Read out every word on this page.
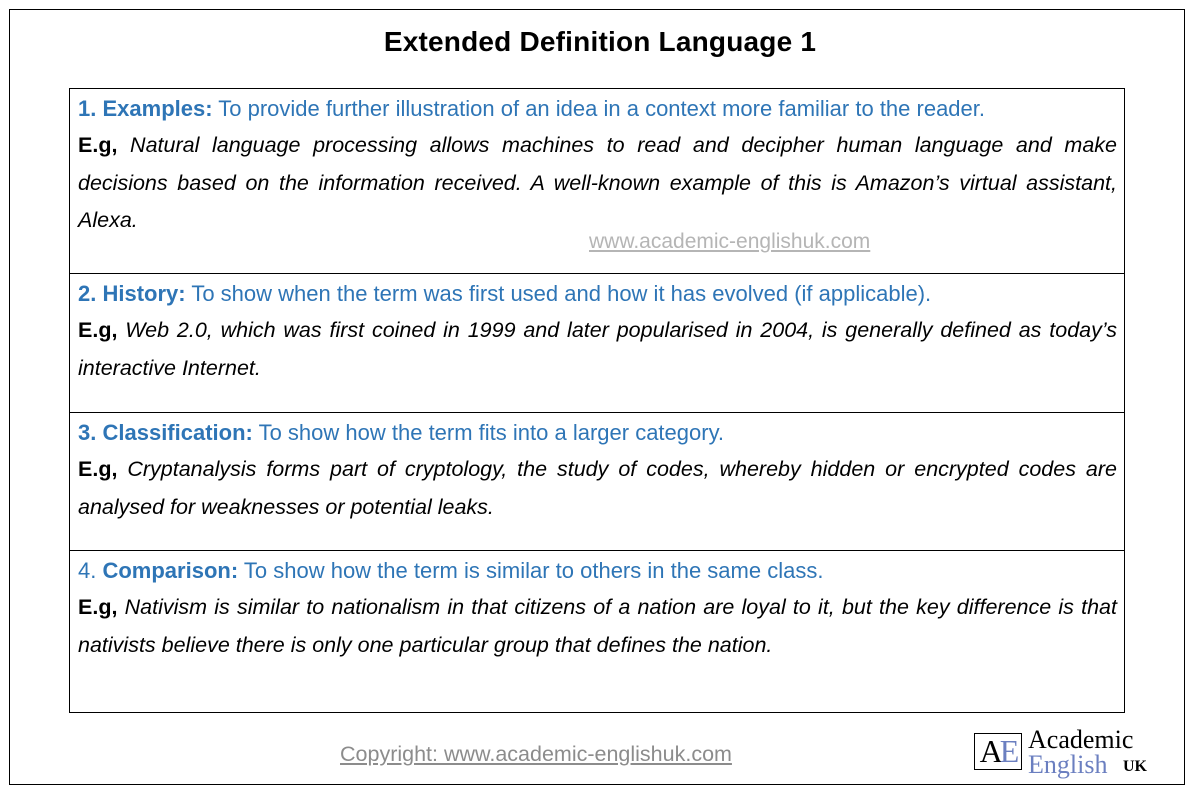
Extended Definition Language 1
1. Examples: To provide further illustration of an idea in a context more familiar to the reader.
E.g, Natural language processing allows machines to read and decipher human language and make decisions based on the information received. A well-known example of this is Amazon’s virtual assistant, Alexa.
www.academic-englishuk.com
2. History: To show when the term was first used and how it has evolved (if applicable).
E.g, Web 2.0, which was first coined in 1999 and later popularised in 2004, is generally defined as today’s interactive Internet.
3. Classification: To show how the term fits into a larger category.
E.g, Cryptanalysis forms part of cryptology, the study of codes, whereby hidden or encrypted codes are analysed for weaknesses or potential leaks.
4. Comparison: To show how the term is similar to others in the same class.
E.g, Nativism is similar to nationalism in that citizens of a nation are loyal to it, but the key difference is that nativists believe there is only one particular group that defines the nation.
Copyright: www.academic-englishuk.com	AE Academic
English UK
